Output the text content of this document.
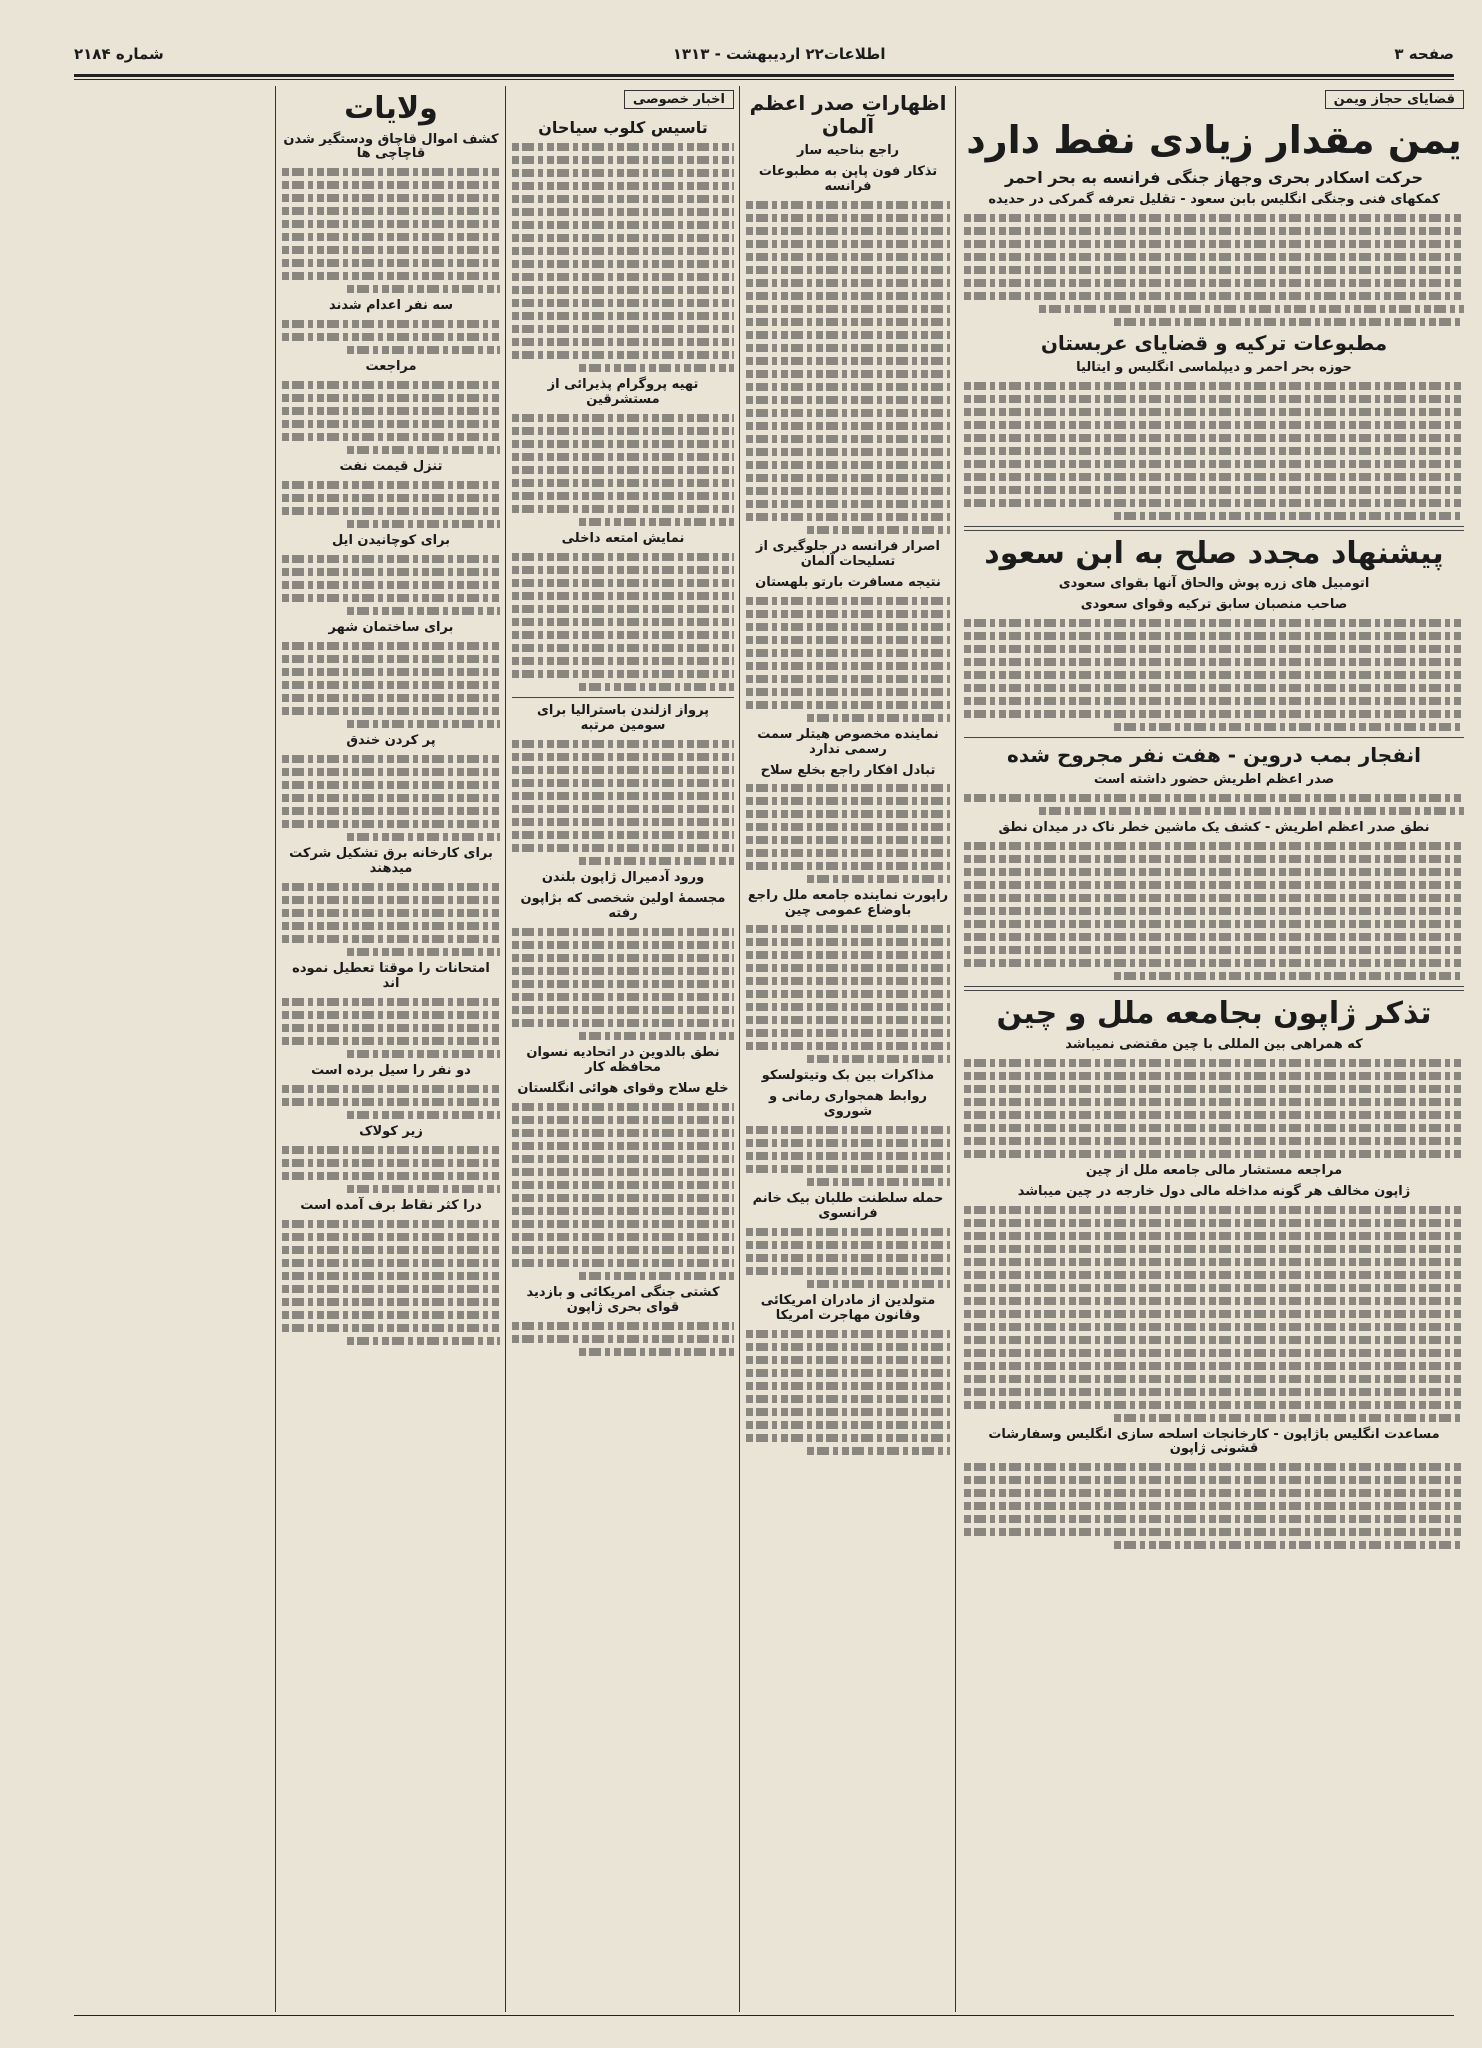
صفحه ۳
اطلاعات۲۲ اردیبهشت - ۱۳۱۳
شماره ۲۱۸۴
قضایای حجاز ویمن
یمن مقدار زیادی نفط دارد
حرکت اسکادر بحری وجهاز جنگی فرانسه به بحر احمر
کمکهای فنی وجنگی انگلیس بابن سعود - تقلیل تعرفه گمرکی در حدیده
مطبوعات ترکیه و قضایای عربستان
حوزه بحر احمر و دیپلماسی انگلیس و ایتالیا
پیشنهاد مجدد صلح به ابن سعود
اتومبیل های زره پوش والحاق آنها بقوای سعودی
صاحب منصبان سابق ترکیه وقوای سعودی
انفجار بمب دروین - هفت نفر مجروح شده
صدر اعظم اطریش حضور داشته است
نطق صدر اعظم اطریش - کشف یک ماشین خطر ناک در میدان نطق
تذکر ژاپون بجامعه ملل و چین
که همراهی بین المللی با چین مقتضی نمیباشد
مراجعه مستشار مالی جامعه ملل از چین
ژاپون مخالف هر گونه مداخله مالی دول خارجه در چین میباشد
مساعدت انگلیس باژاپون - کارخانجات اسلحه سازی انگلیس وسفارشات قشونی ژاپون
اظهارات صدر اعظم آلمان
راجع بناحیه سار
تذکار فون پاپن به مطبوعات فرانسه
اصرار فرانسه در جلوگیری از تسلیحات آلمان
نتیجه مسافرت بارتو بلهستان
نماینده مخصوص هیتلر سمت رسمی ندارد
تبادل افکار راجع بخلع سلاح
راپورت نماینده جامعه ملل راجع باوضاع عمومی چین
مذاکرات بین بک وتیتولسکو
روابط همجواری رمانی و شوروی
حمله سلطنت طلبان بیک خانم فرانسوی
متولدین از مادران امریکائی وقانون مهاجرت امریکا
اخبار خصوصی
تاسیس کلوب سیاحان
تهیه پروگرام پذیرائی از مستشرقین
نمایش امتعه داخلی
پرواز ازلندن باسترالیا برای سومین مرتبه
ورود آدمیرال ژاپون بلندن
مجسمهٔ اولین شخصی که بژاپون رفته
نطق بالدوین در اتحادیه نسوان محافظه کار
خلع سلاح وقوای هوائی انگلستان
کشتی جنگی امریکائی و بازدید قوای بحری ژاپون
ولایات
کشف اموال قاچاق ودستگیر شدن قاچاچی ها
سه نفر اعدام شدند
مراجعت
تنزل قیمت نفت
برای کوچانیدن ایل
برای ساختمان شهر
پر کردن خندق
برای کارخانه برق تشکیل شرکت میدهند
امتحانات را موقتا تعطیل نموده اند
دو نفر را سیل برده است
زیر کولاک
درا کثر نقاط برف آمده است
